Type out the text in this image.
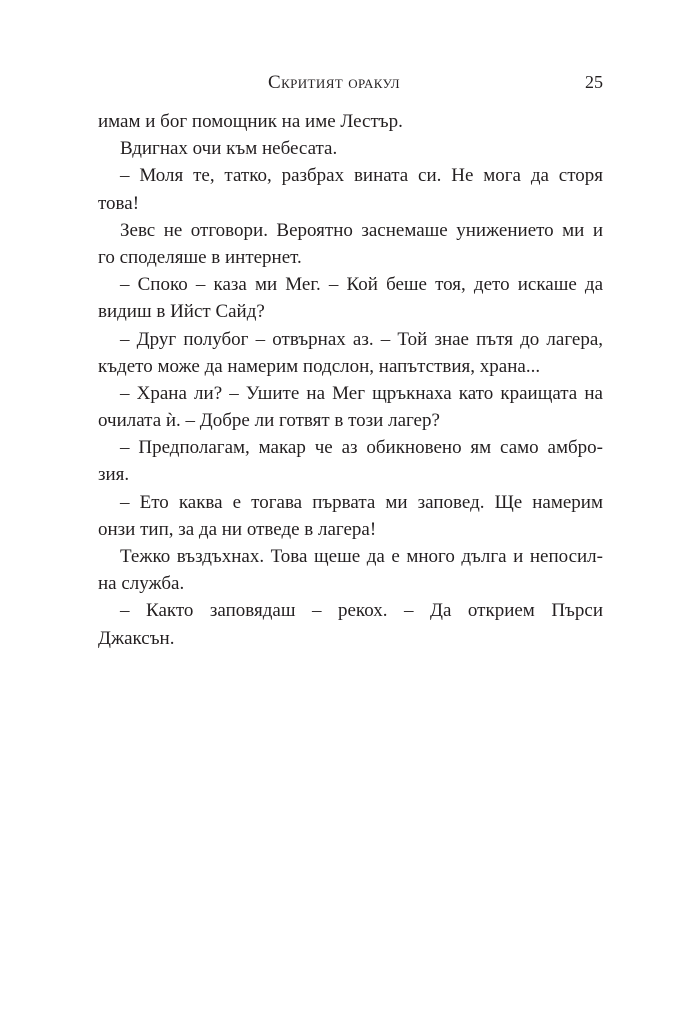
Скритият оракул	25
имам и бог помощник на име Лестър.
Вдигнах очи към небесата.
– Моля те, татко, разбрах вината си. Не мога да сторя
това!
Зевс не отговори. Вероятно заснемаше унижението ми и
го споделяше в интернет.
– Споко – каза ми Мег. – Кой беше тоя, дето искаше да
видиш в Ийст Сайд?
– Друг полубог – отвърнах аз. – Той знае пътя до лагера,
където може да намерим подслон, напътствия, храна...
– Храна ли? – Ушите на Мег щръкнаха като краищата на
очилата ѝ. – Добре ли готвят в този лагер?
– Предполагам, макар че аз обикновено ям само амбро-
зия.
– Ето каква е тогава първата ми заповед. Ще намерим
онзи тип, за да ни отведе в лагера!
Тежко въздъхнах. Това щеше да е много дълга и непосил-
на служба.
– Както заповядаш – рекох. – Да открием Пърси
Джаксън.
